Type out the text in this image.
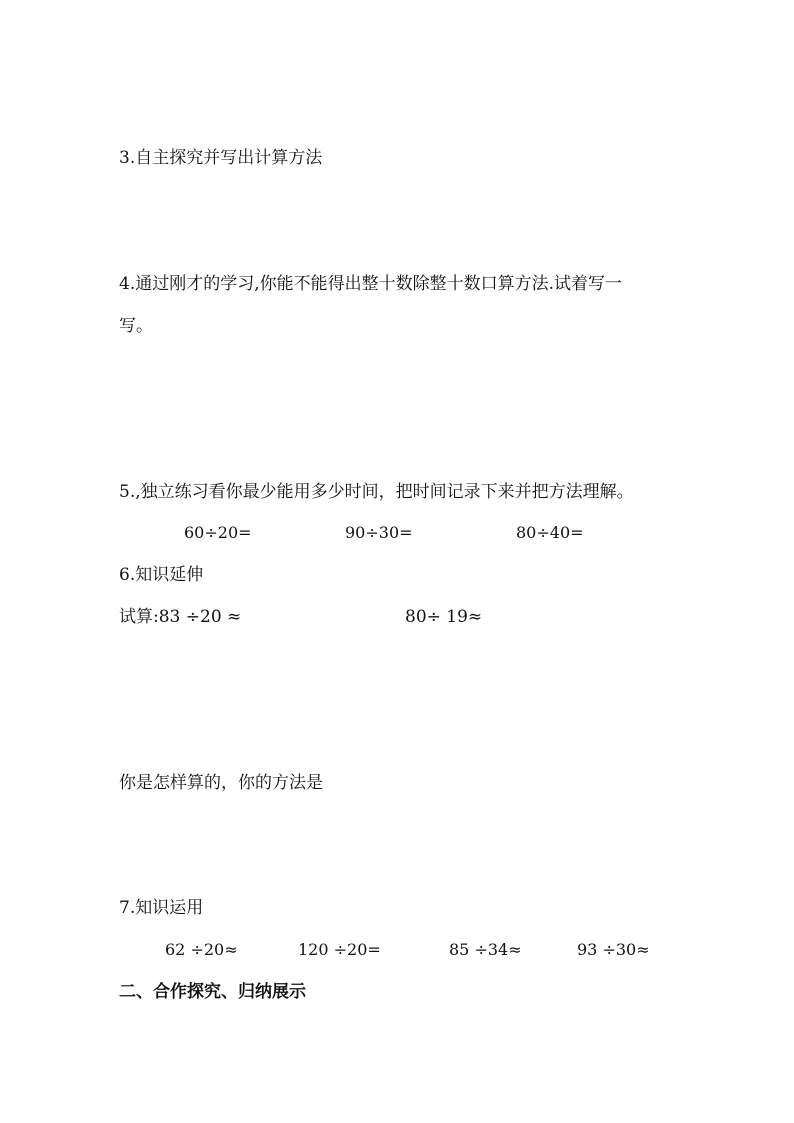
3.自主探究并写出计算方法
4.通过刚才的学习,你能不能得出整十数除整十数口算方法.试着写一
写。
5.,独立练习看你最少能用多少时间，把时间记录下来并把方法理解。
60÷20=	90÷30=	80÷40=
6.知识延伸
试算:83 ÷20 ≈	80÷ 19≈
你是怎样算的，你的方法是
7.知识运用
62 ÷20≈	120 ÷20=	85 ÷34≈	93 ÷30≈
二、合作探究、归纳展示
